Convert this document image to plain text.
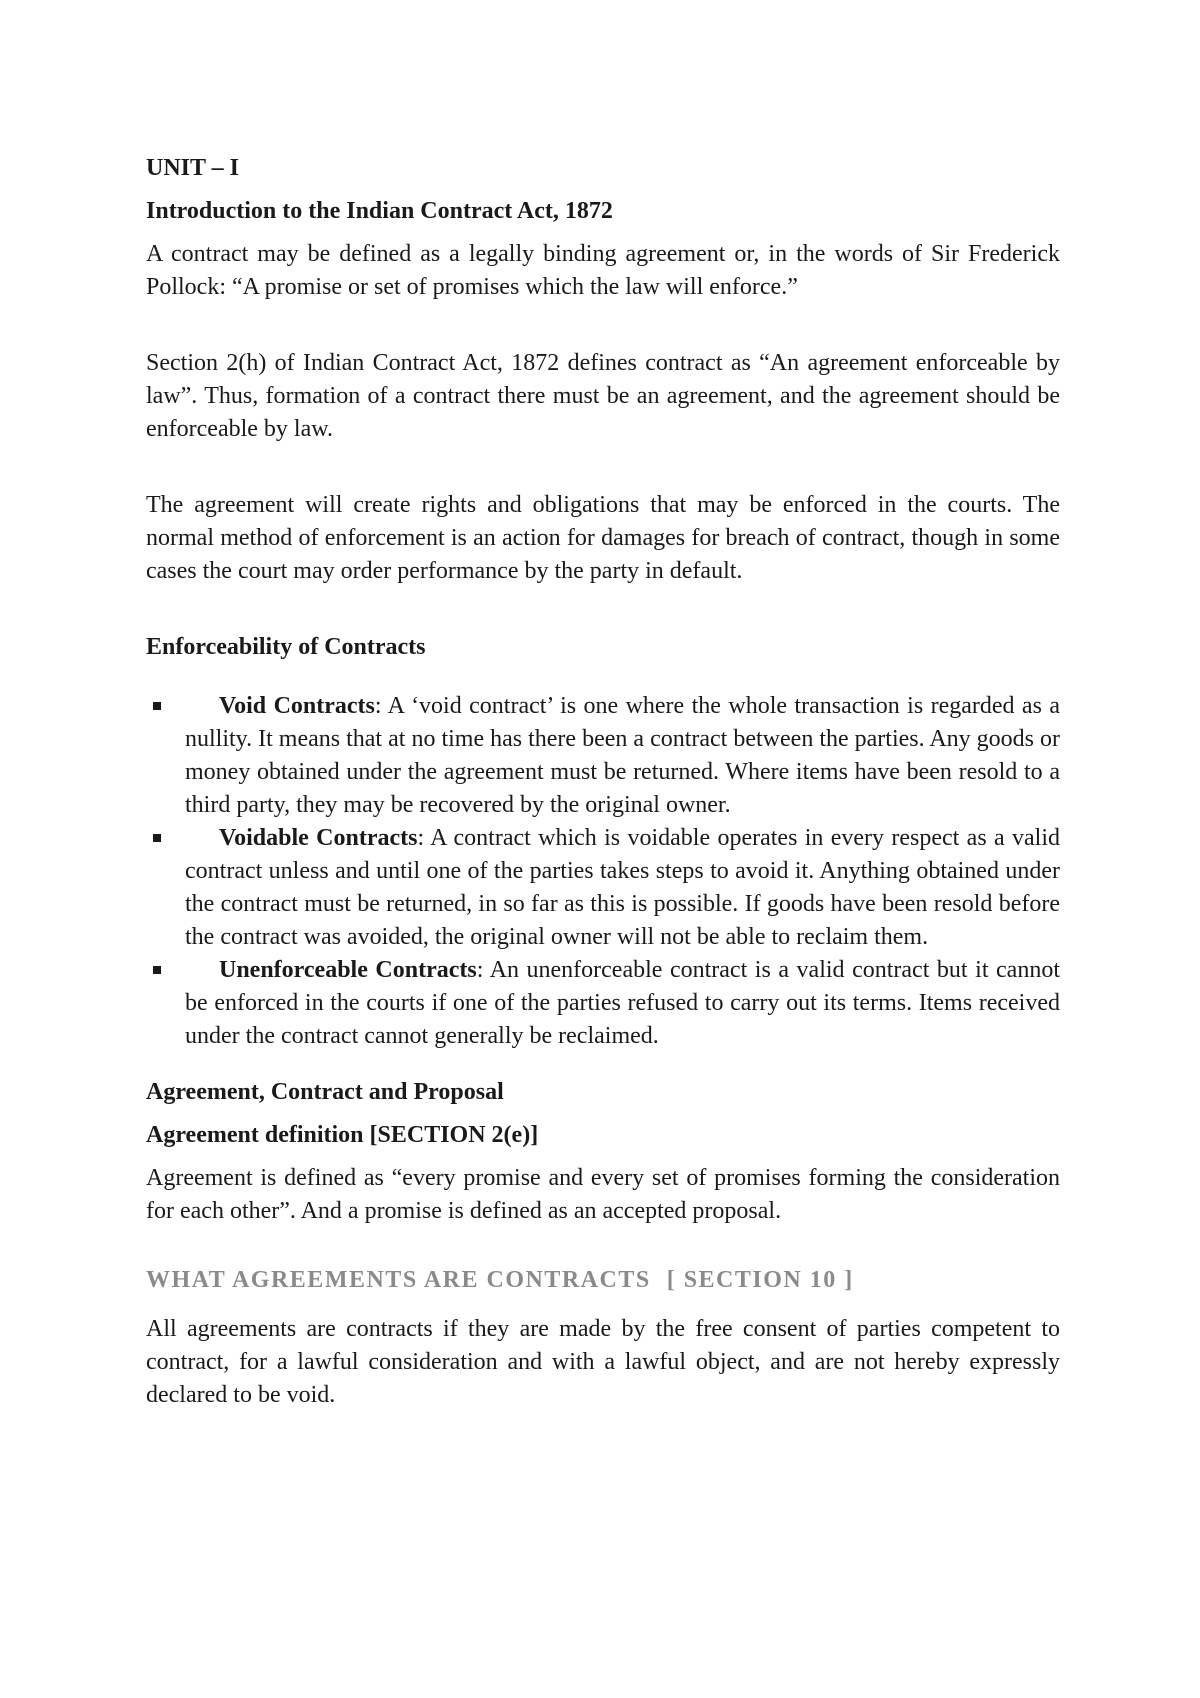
UNIT – I

Introduction to the Indian Contract Act, 1872

A contract may be defined as a legally binding agreement or, in the words of Sir Frederick Pollock: “A promise or set of promises which the law will enforce.”

Section 2(h) of Indian Contract Act, 1872 defines contract as “An agreement enforceable by law”. Thus, formation of a contract there must be an agreement, and the agreement should be enforceable by law.

The agreement will create rights and obligations that may be enforced in the courts. The normal method of enforcement is an action for damages for breach of contract, though in some cases the court may order performance by the party in default.

Enforceability of Contracts

Void Contracts: A ‘void contract’ is one where the whole transaction is regarded as a nullity. It means that at no time has there been a contract between the parties. Any goods or money obtained under the agreement must be returned. Where items have been resold to a third party, they may be recovered by the original owner.
Voidable Contracts: A contract which is voidable operates in every respect as a valid contract unless and until one of the parties takes steps to avoid it. Anything obtained under the contract must be returned, in so far as this is possible. If goods have been resold before the contract was avoided, the original owner will not be able to reclaim them.
Unenforceable Contracts: An unenforceable contract is a valid contract but it cannot be enforced in the courts if one of the parties refused to carry out its terms. Items received under the contract cannot generally be reclaimed.

Agreement, Contract and Proposal

Agreement definition [SECTION 2(e)]

Agreement is defined as “every promise and every set of promises forming the consideration for each other”. And a promise is defined as an accepted proposal.

WHAT AGREEMENTS ARE CONTRACTS [ SECTION 10 ]

All agreements are contracts if they are made by the free consent of parties competent to contract, for a lawful consideration and with a lawful object, and are not hereby expressly declared to be void.
